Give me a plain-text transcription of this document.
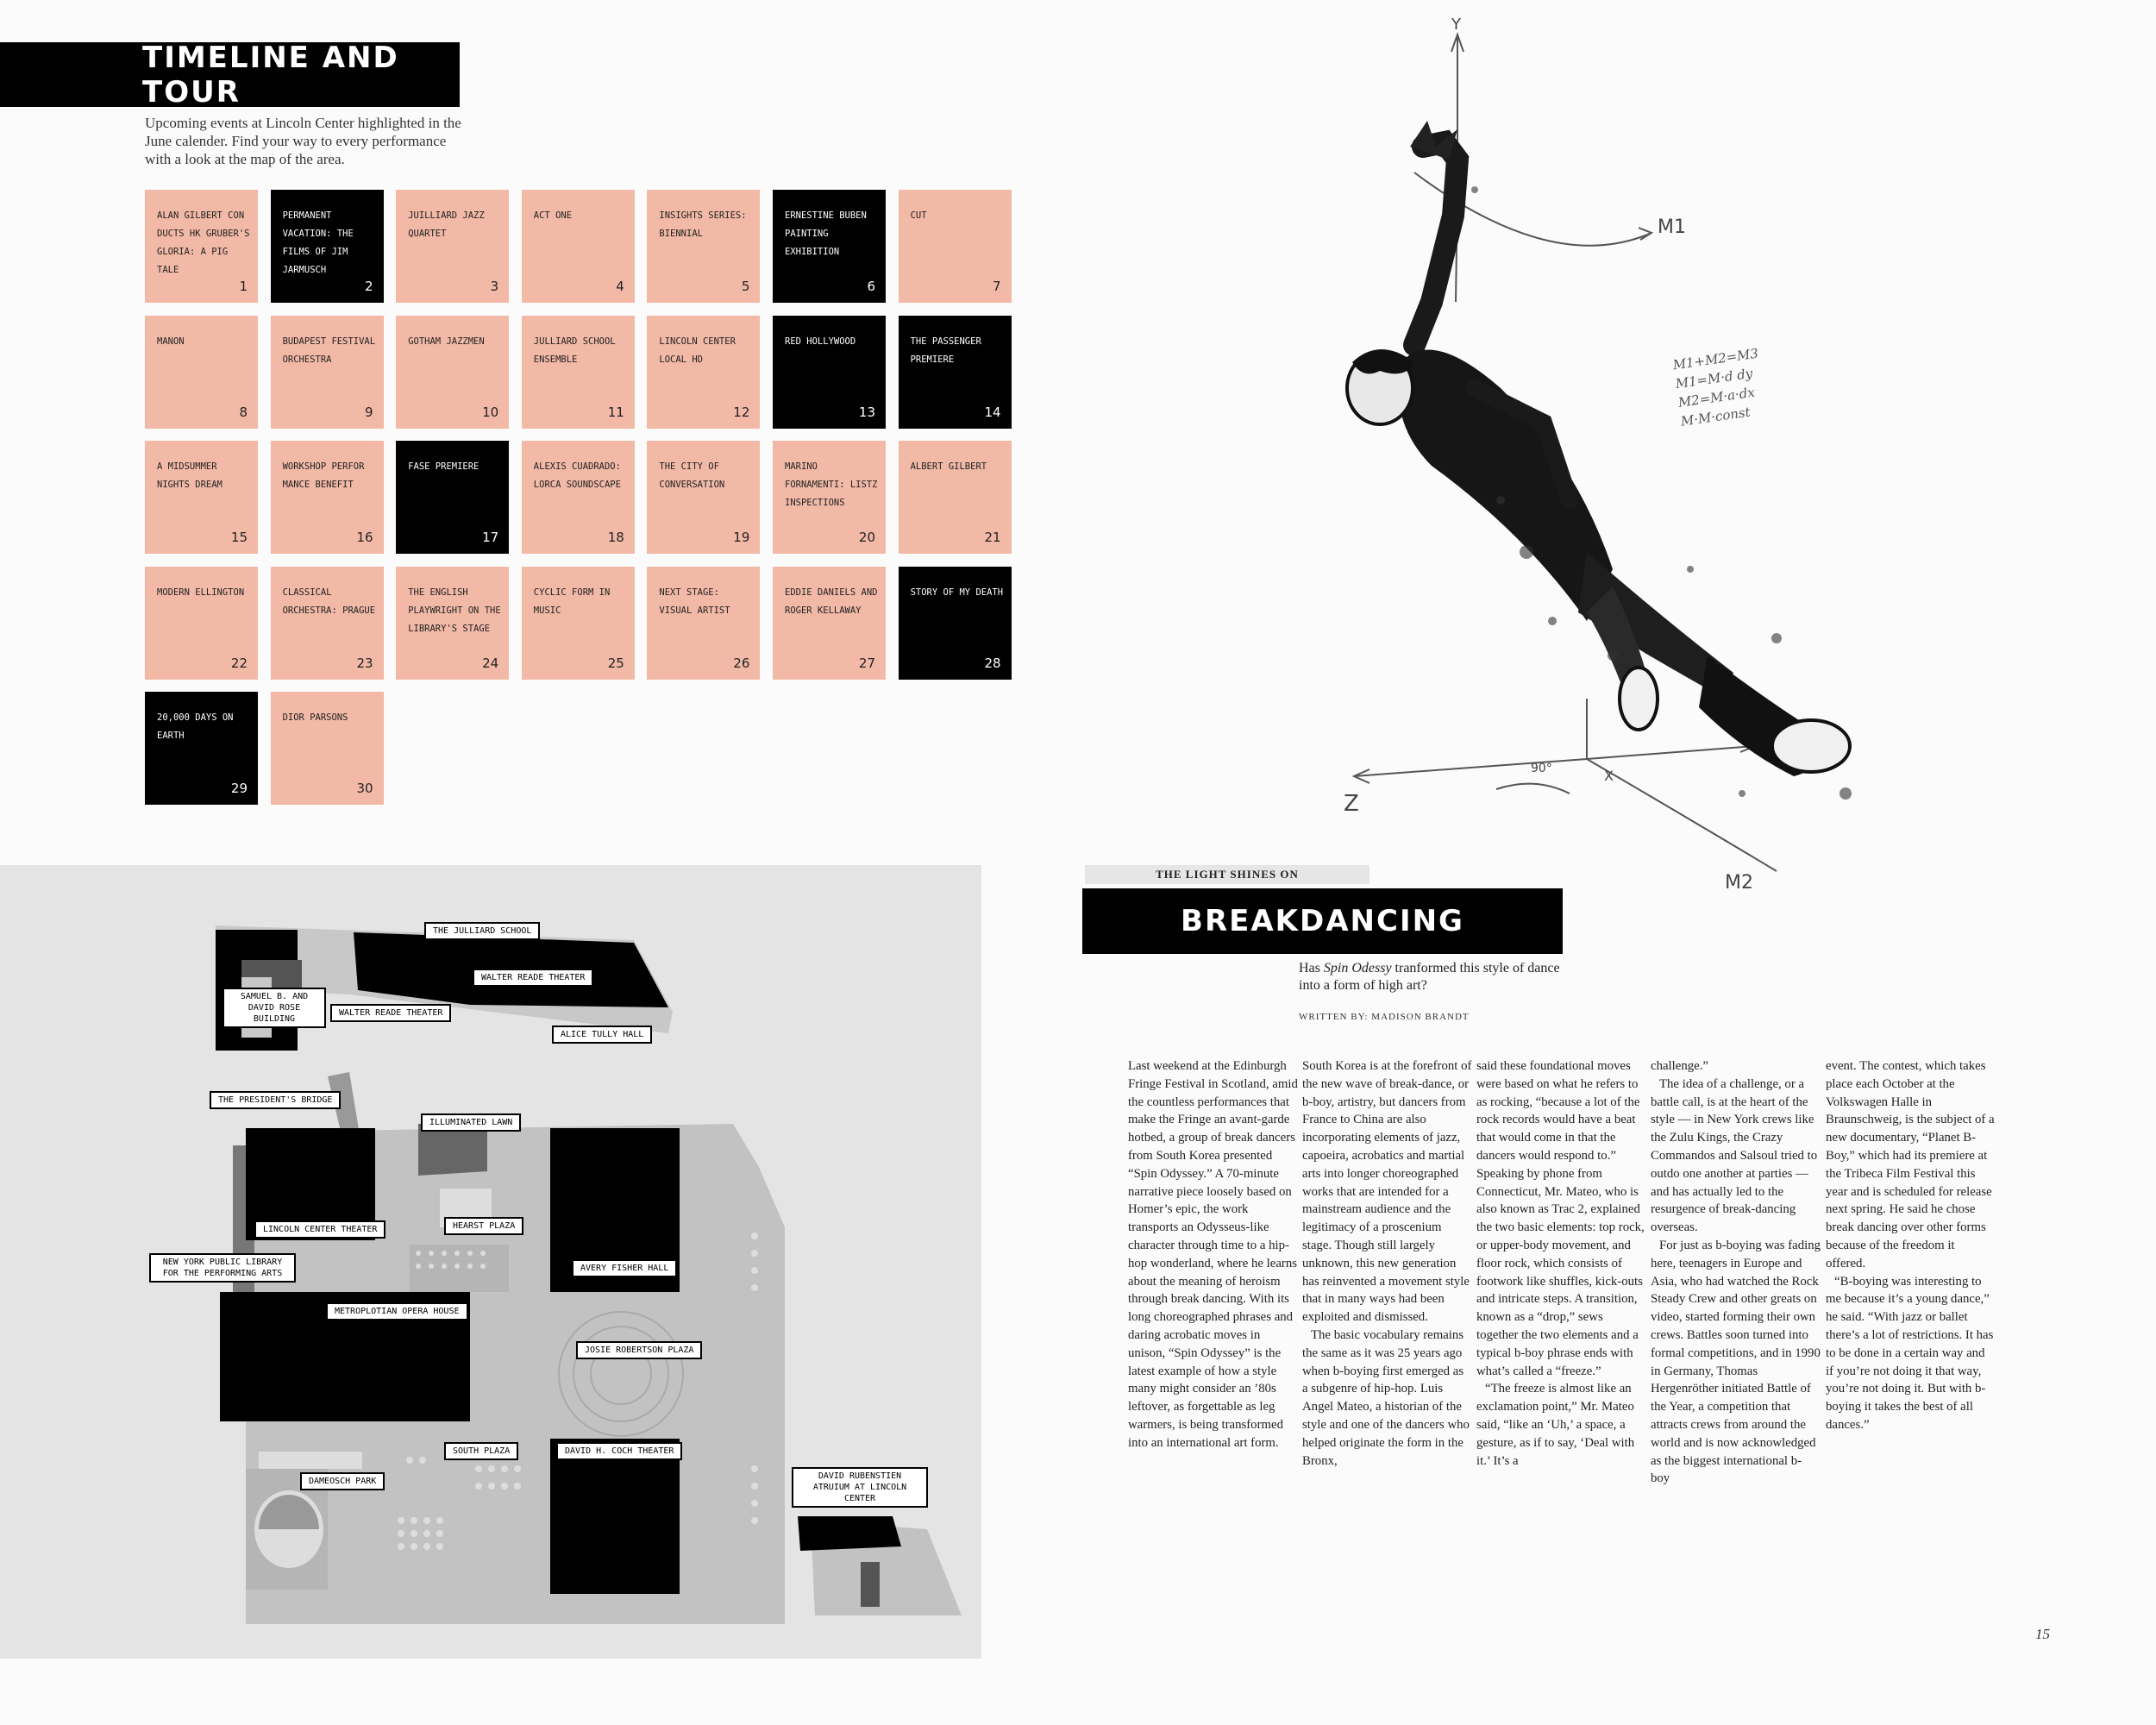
TIMELINE AND TOUR
Upcoming events at Lincoln Center highlighted in the June calender. Find your way to every performance with a look at the map of the area.
ALAN GILBERT CON DUCTS HK GRUBER'S GLORIA: A PIG TALE
1
PERMANENT VACATION: THE FILMS OF JIM JARMUSCH
2
JUILLIARD JAZZ QUARTET
3
ACT ONE
4
INSIGHTS SERIES: BIENNIAL
5
ERNESTINE BUBEN PAINTING EXHIBITION
6
CUT
7
MANON
8
BUDAPEST FESTIVAL ORCHESTRA
9
GOTHAM JAZZMEN
10
JULLIARD SCHOOL ENSEMBLE
11
LINCOLN CENTER LOCAL HD
12
RED HOLLYWOOD
13
THE PASSENGER PREMIERE
14
A MIDSUMMER NIGHTS DREAM
15
WORKSHOP PERFOR MANCE BENEFIT
16
FASE PREMIERE
17
ALEXIS CUADRADO: LORCA SOUNDSCAPE
18
THE CITY OF CONVERSATION
19
MARINO FORNAMENTI: LISTZ INSPECTIONS
20
ALBERT GILBERT
21
MODERN ELLINGTON
22
CLASSICAL ORCHESTRA: PRAGUE
23
THE ENGLISH PLAYWRIGHT ON THE LIBRARY'S STAGE
24
CYCLIC FORM IN MUSIC
25
NEXT STAGE: VISUAL ARTIST
26
EDDIE DANIELS AND ROGER KELLAWAY
27
STORY OF MY DEATH
28
20,000 DAYS ON EARTH
29
DIOR PARSONS
30
Y
Z
X
M1
M2
90°
M1+M2=M3
M1=M·d dy
M2=M·a·dx
M·M·const
THE JULLIARD SCHOOL
WALTER READE THEATER
SAMUEL B. AND DAVID ROSE BUILDING
WALTER READE THEATER
ALICE TULLY HALL
THE PRESIDENT'S BRIDGE
ILLUMINATED LAWN
LINCOLN CENTER THEATER	HEARST PLAZA
NEW YORK PUBLIC LIBRARY FOR THE PERFORMING ARTS
AVERY FISHER HALL
METROPLOTIAN OPERA HOUSE
JOSIE ROBERTSON PLAZA
SOUTH PLAZA	DAVID H. COCH THEATER
DAMEOSCH PARK
DAVID RUBENSTIEN ATRUIUM AT LINCOLN CENTER
THE LIGHT SHINES ON
BREAKDANCING
Has Spin Odessy tranformed this style of dance into a form of high art?
WRITTEN BY: MADISON BRANDT

Last weekend at the Edinburgh Fringe Festival in Scotland, amid the countless performances that make the Fringe an avant-garde hotbed, a group of break dancers from South Korea presented “Spin Odyssey.” A 70-minute narrative piece loosely based on Homer’s epic, the work transports an Odysseus-like character through time to a hip-hop wonderland, where he learns about the meaning of heroism through break dancing. With its long choreographed phrases and daring acrobatic moves in unison, “Spin Odyssey” is the latest example of how a style many might consider an ’80s leftover, as forgettable as leg warmers, is being transformed into an international art form.

South Korea is at the forefront of the new wave of break-dance, or b-boy, artistry, but dancers from France to China are also incorporating elements of jazz, capoeira, acrobatics and martial arts into longer choreographed works that are intended for a mainstream audience and the legitimacy of a proscenium stage. Though still largely unknown, this new generation has reinvented a movement style that in many ways had been exploited and dismissed.

The basic vocabulary remains the same as it was 25 years ago when b-boying first emerged as a subgenre of hip-hop. Luis Angel Mateo, a historian of the style and one of the dancers who helped originate the form in the Bronx,

said these foundational moves were based on what he refers to as rocking, “because a lot of the rock records would have a beat that would come in that the dancers would respond to.” Speaking by phone from Connecticut, Mr. Mateo, who is also known as Trac 2, explained the two basic elements: top rock, or upper-body movement, and floor rock, which consists of footwork like shuffles, kick-outs and intricate steps. A transition, known as a “drop,” sews together the two elements and a typical b-boy phrase ends with what’s called a “freeze.”

“The freeze is almost like an exclamation point,” Mr. Mateo said, “like an ‘Uh,’ a space, a gesture, as if to say, ‘Deal with it.’ It’s a

challenge.”

The idea of a challenge, or a battle call, is at the heart of the style — in New York crews like the Zulu Kings, the Crazy Commandos and Salsoul tried to outdo one another at parties — and has actually led to the resurgence of break-dancing overseas.

For just as b-boying was fading here, teenagers in Europe and Asia, who had watched the Rock Steady Crew and other greats on video, started forming their own crews. Battles soon turned into formal competitions, and in 1990 in Germany, Thomas Hergenröther initiated Battle of the Year, a competition that attracts crews from around the world and is now acknowledged as the biggest international b-boy

event. The contest, which takes place each October at the Volkswagen Halle in Braunschweig, is the subject of a new documentary, “Planet B-Boy,” which had its premiere at the Tribeca Film Festival this year and is scheduled for release next spring. He said he chose break dancing over other forms because of the freedom it offered.

“B-boying was interesting to me because it’s a young dance,” he said. “With jazz or ballet there’s a lot of restrictions. It has to be done in a certain way and if you’re not doing it that way, you’re not doing it. But with b-boying it takes the best of all dances.”

15
